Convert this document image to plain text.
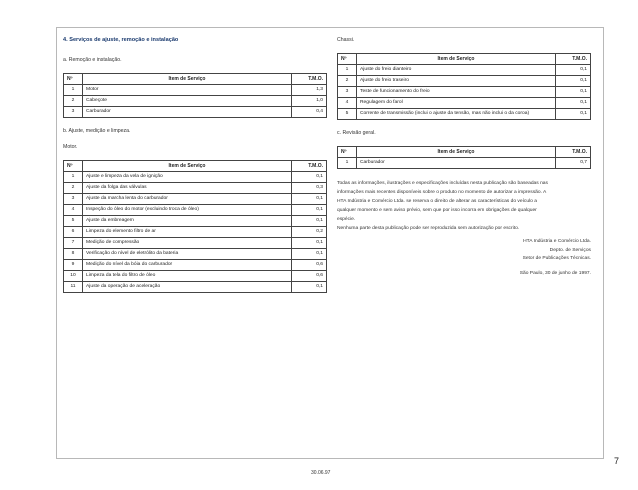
4. Serviços de ajuste, remoção e instalação
a. Remoção e instalação.
Nº	Item de Serviço	T.M.O.
1	Motor	1,3
2	Cabeçote	1,0
3	Carburador	0,4
b. Ajuste, medição e limpeza.
Motor.
Nº	Item de Serviço	T.M.O.
1	Ajuste e limpeza da vela de ignição	0,1
2	Ajuste da folga das válvulas	0,3
3	Ajuste da marcha lenta do carburador	0,1
4	Inspeção do óleo do motor (excluindo troca de óleo)	0,1
5	Ajuste da embreagem	0,1
6	Limpeza do elemento filtro de ar	0,2
7	Medição de compressão	0,1
8	Verificação do nível de eletrólito da bateria	0,1
9	Medição do nível da bóia do carburador	0,6
10	Limpeza da tela do filtro de óleo	0,6
11	Ajuste da operação de aceleração	0,1
Chassi.
Nº	Item de Serviço	T.M.O.
1	Ajuste do freio dianteiro	0,1
2	Ajuste do freio traseiro	0,1
3	Teste de funcionamento do freio	0,1
4	Regulagem do farol	0,1
5	Corrente de transmissão (inclui o ajuste da tensão, mas não inclui o da coroa)	0,1
c. Revisão geral.
Nº	Item de Serviço	T.M.O.
1	Carburador	0,7
Todas as informações, ilustrações e especificações incluídas nesta publicação são baseadas nas
informações mais recentes disponíveis sobre o produto no momento de autorizar a impressão. A
HTA Indústria e Comércio Ltda. se reserva o direito de alterar as características do veículo a
qualquer momento e sem aviso prévio, sem que por isso incorra em obrigações de qualquer
espécie.
Nenhuma parte desta publicação pode ser reproduzida sem autorização por escrito.
HTA Indústria e Comércio Ltda.
Depto. de Serviços
Setor de Publicações Técnicas.
São Paulo, 30 de junho de 1997.
7
30.06.97
